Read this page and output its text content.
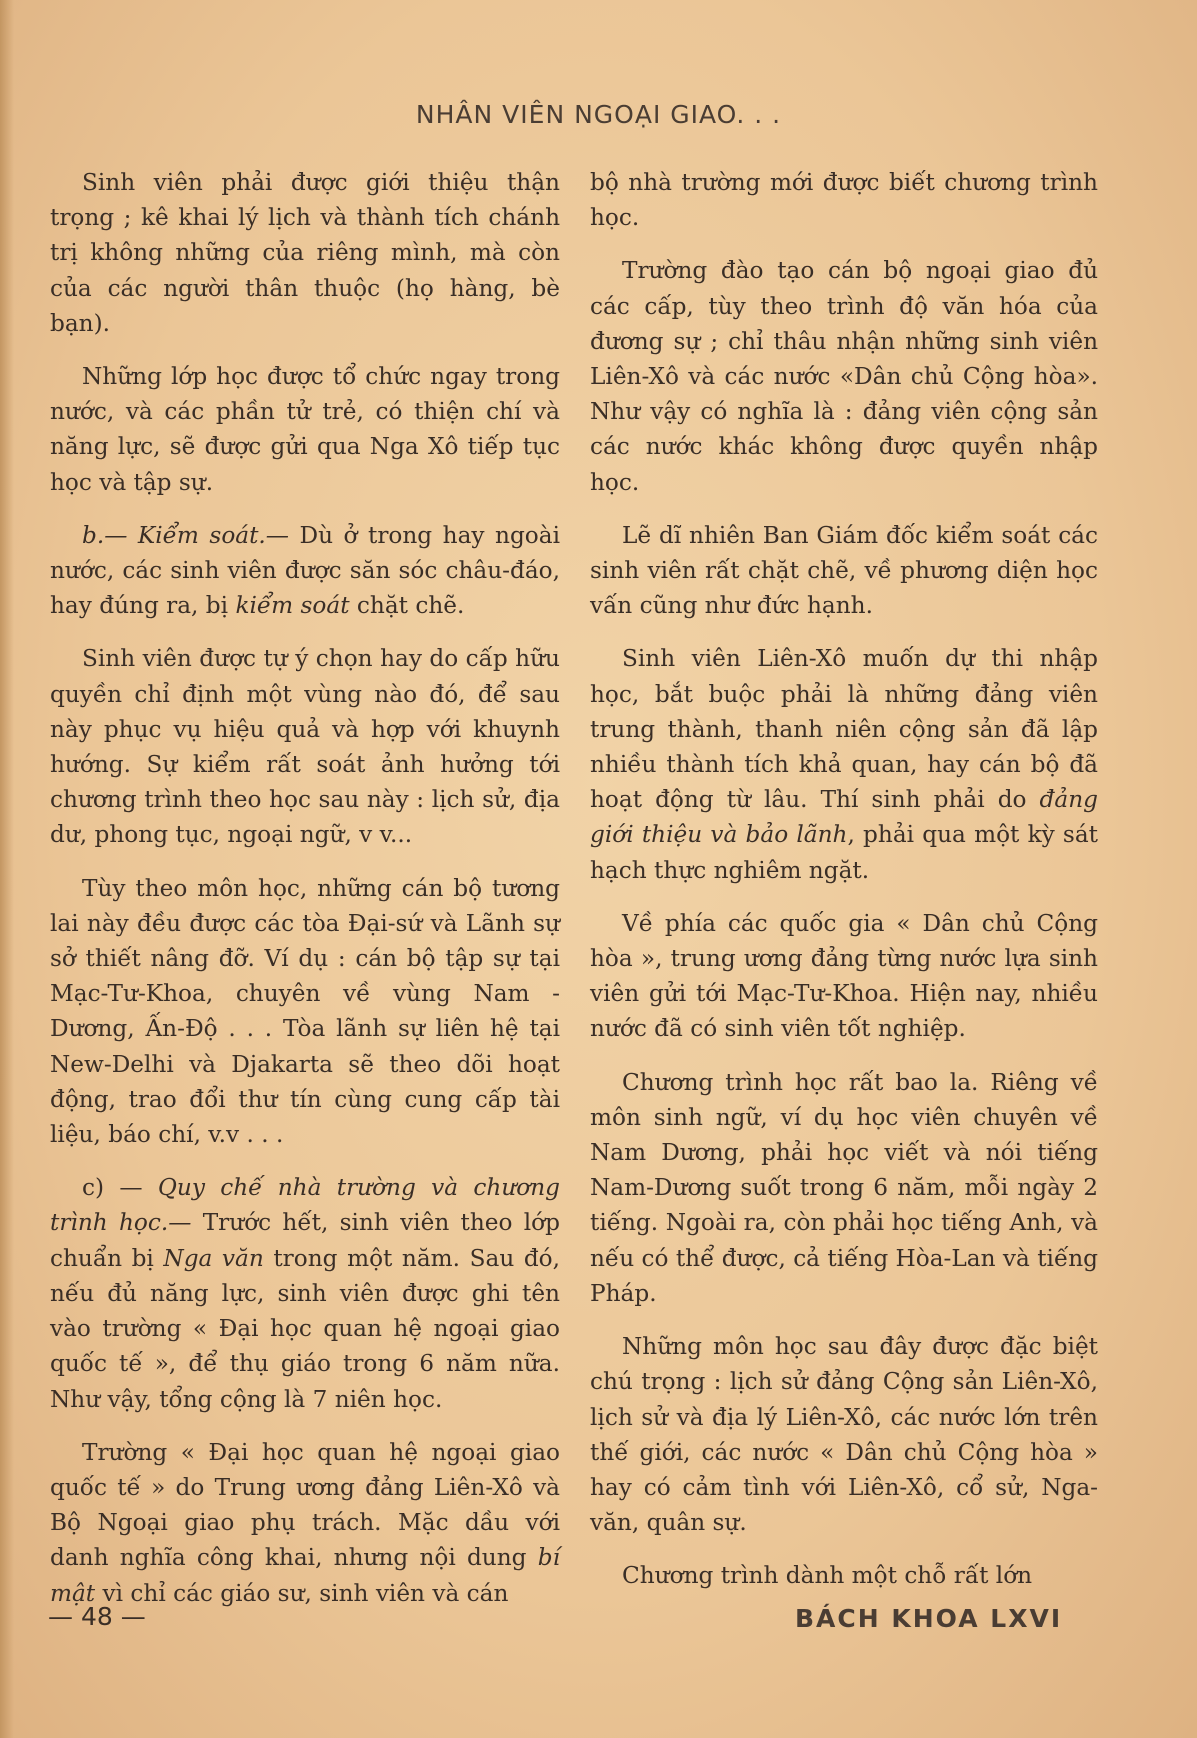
NHÂN VIÊN NGOẠI GIAO. . .

Sinh viên phải được giới thiệu thận trọng ; kê khai lý lịch và thành tích chánh trị không những của riêng mình, mà còn của các người thân thuộc (họ hàng, bè bạn).

Những lớp học được tổ chức ngay trong nước, và các phần tử trẻ, có thiện chí và năng lực, sẽ được gửi qua Nga Xô tiếp tục học và tập sự.

b.— Kiểm soát.— Dù ở trong hay ngoài nước, các sinh viên được săn sóc châu-đáo, hay đúng ra, bị kiểm soát chặt chẽ.

Sinh viên được tự ý chọn hay do cấp hữu quyền chỉ định một vùng nào đó, để sau này phục vụ hiệu quả và hợp với khuynh hướng. Sự kiểm rất soát ảnh hưởng tới chương trình theo học sau này : lịch sử, địa dư, phong tục, ngoại ngữ, v v...

Tùy theo môn học, những cán bộ tương lai này đều được các tòa Đại-sứ và Lãnh sự sở thiết nâng đỡ. Ví dụ : cán bộ tập sự tại Mạc-Tư-Khoa, chuyên về vùng Nam - Dương, Ấn-Độ . . . Tòa lãnh sự liên hệ tại New-Delhi và Djakarta sẽ theo dõi hoạt động, trao đổi thư tín cùng cung cấp tài liệu, báo chí, v.v . . .

c) — Quy chế nhà trường và chương trình học.— Trước hết, sinh viên theo lớp chuẩn bị Nga văn trong một năm. Sau đó, nếu đủ năng lực, sinh viên được ghi tên vào trường « Đại học quan hệ ngoại giao quốc tế », để thụ giáo trong 6 năm nữa. Như vậy, tổng cộng là 7 niên học.

Trường « Đại học quan hệ ngoại giao quốc tế » do Trung ương đảng Liên-Xô và Bộ Ngoại giao phụ trách. Mặc dầu với danh nghĩa công khai, nhưng nội dung bí mật vì chỉ các giáo sư, sinh viên và cán

bộ nhà trường mới được biết chương trình học.

Trường đào tạo cán bộ ngoại giao đủ các cấp, tùy theo trình độ văn hóa của đương sự ; chỉ thâu nhận những sinh viên Liên-Xô và các nước «Dân chủ Cộng hòa». Như vậy có nghĩa là : đảng viên cộng sản các nước khác không được quyền nhập học.

Lẽ dĩ nhiên Ban Giám đốc kiểm soát các sinh viên rất chặt chẽ, về phương diện học vấn cũng như đức hạnh.

Sinh viên Liên-Xô muốn dự thi nhập học, bắt buộc phải là những đảng viên trung thành, thanh niên cộng sản đã lập nhiều thành tích khả quan, hay cán bộ đã hoạt động từ lâu. Thí sinh phải do đảng giới thiệu và bảo lãnh, phải qua một kỳ sát hạch thực nghiêm ngặt.

Về phía các quốc gia « Dân chủ Cộng hòa », trung ương đảng từng nước lựa sinh viên gửi tới Mạc-Tư-Khoa. Hiện nay, nhiều nước đã có sinh viên tốt nghiệp.

Chương trình học rất bao la. Riêng về môn sinh ngữ, ví dụ học viên chuyên về Nam Dương, phải học viết và nói tiếng Nam-Dương suốt trong 6 năm, mỗi ngày 2 tiếng. Ngoài ra, còn phải học tiếng Anh, và nếu có thể được, cả tiếng Hòa-Lan và tiếng Pháp.

Những môn học sau đây được đặc biệt chú trọng : lịch sử đảng Cộng sản Liên-Xô, lịch sử và địa lý Liên-Xô, các nước lớn trên thế giới, các nước « Dân chủ Cộng hòa » hay có cảm tình với Liên-Xô, cổ sử, Nga-văn, quân sự.

Chương trình dành một chỗ rất lớn

— 48 —	BÁCH KHOA LXVI
